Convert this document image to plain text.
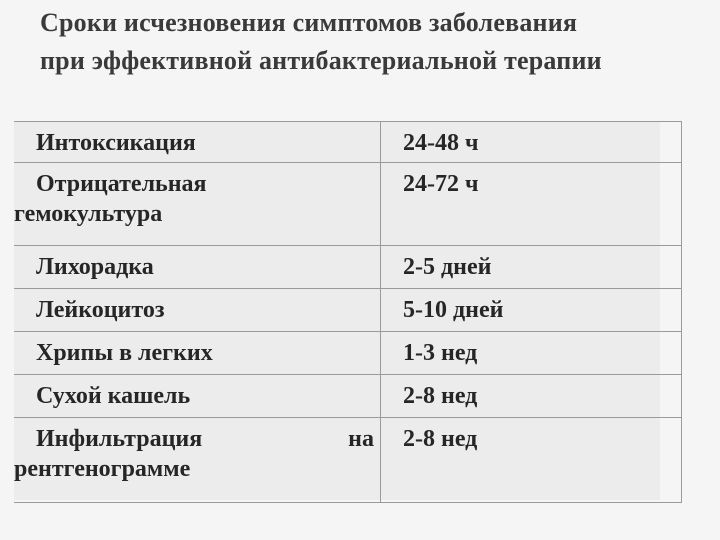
Сроки исчезновения симптомов заболевания
при эффективной антибактериальной терапии
Интоксикация	24-48 ч

Отрицательная
гемокультура	24-72 ч

Лихорадка	2-5 дней

Лейкоцитоз	5-10 дней

Хрипы в легких	1-3 нед

Сухой кашель	2-8 нед

Инфильтрация на
рентгенограмме	2-8 нед
